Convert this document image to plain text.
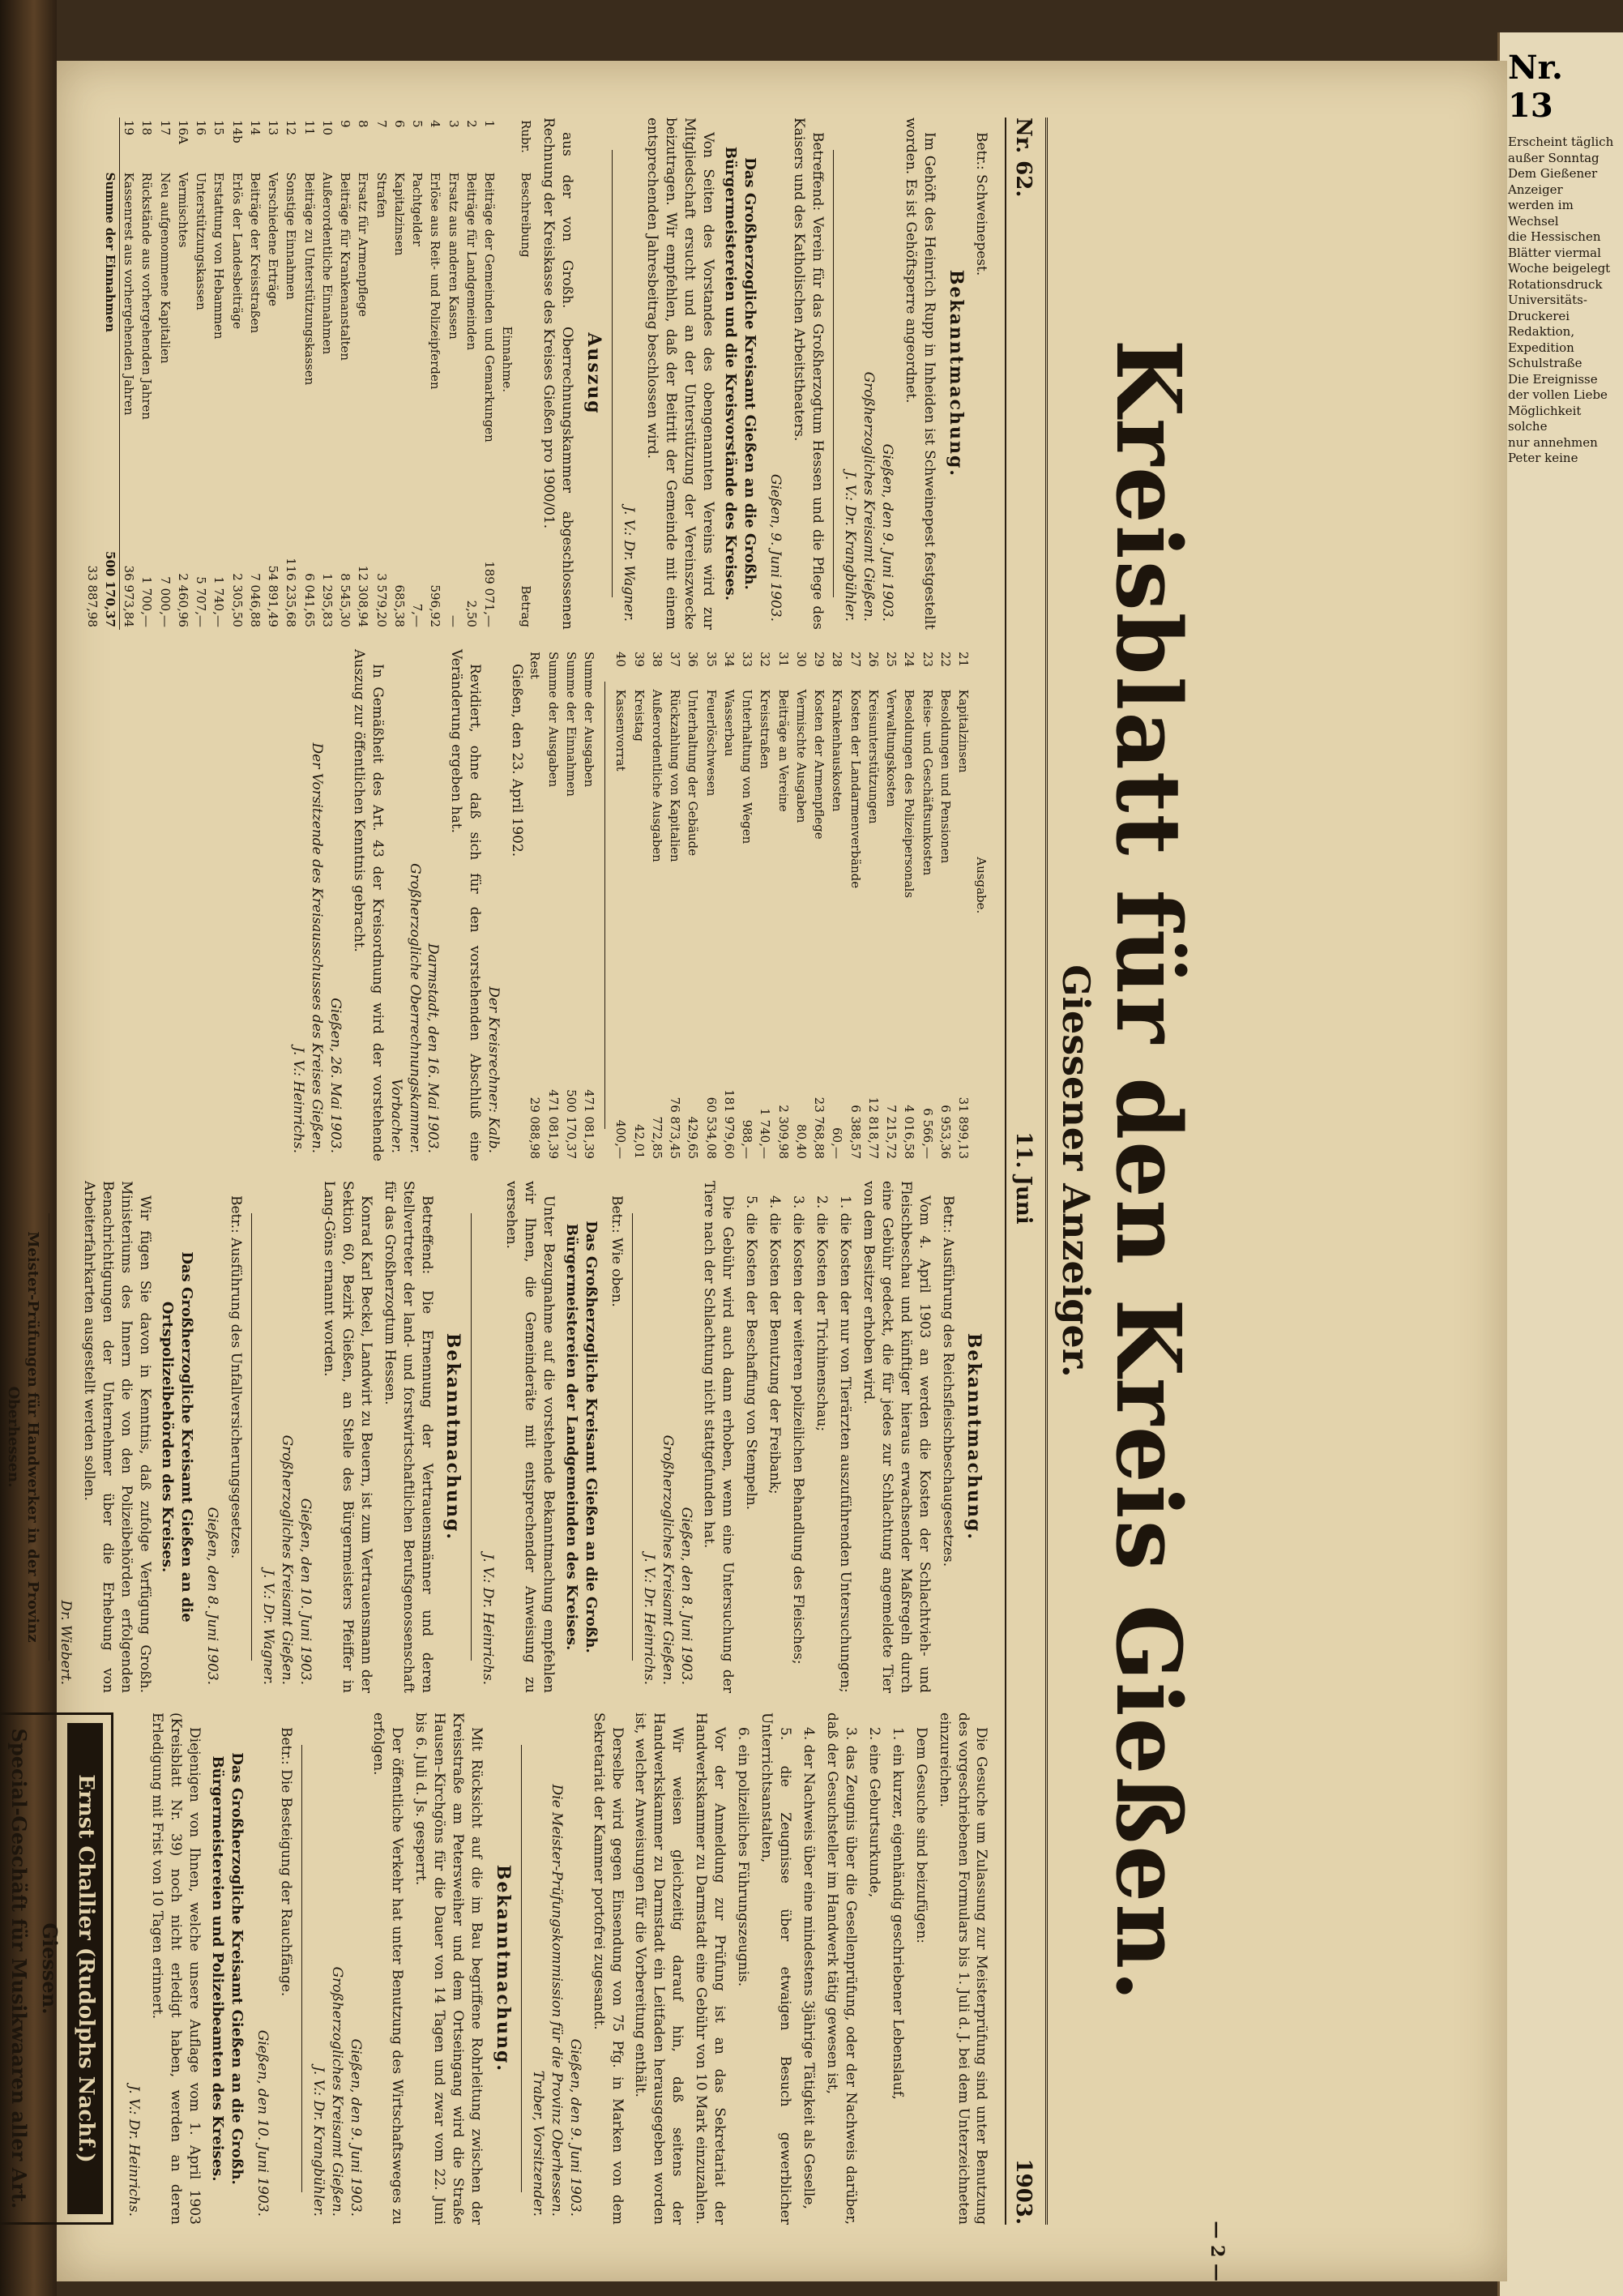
Nr. 13
Erscheint täglich
außer Sonntag
Dem Gießener Anzeiger
werden im Wechsel
die Hessischen
Blätter viermal
Woche beigelegt
Rotationsdruck
Universitäts-Druckerei
Redaktion, Expedition
Schulstraße
Die Ereignisse
der vollen Liebe
Möglichkeit solche
nur annehmen
Peter keine
— 2 —
Kreisblatt für den Kreis Gießen.
Giessener Anzeiger.
Nr. 62.
11. Juni
1903.

Betr.: Schweinepest.

Bekanntmachung.

Im Gehöft des Heinrich Rupp in Inheiden ist Schweinepest festgestellt worden. Es ist Gehöftsperre angeordnet.

Gießen, den 9. Juni 1903.
Großherzogliches Kreisamt Gießen.
J. V.: Dr. Krangbühler.

Betreffend: Verein für das Großherzogtum Hessen und die Pflege des Kaisers und des Katholischen Arbeitstheaters.

Gießen, 9. Juni 1903.
Das Großherzogliche Kreisamt Gießen an die Großh. Bürgermeistereien und die Kreisvorstände des Kreises.

Von Seiten des Vorstandes des obengenannten Vereins wird zur Mitgliedschaft ersucht und an der Unterstützung der Vereinszwecke beizutragen. Wir empfehlen, daß der Beitritt der Gemeinde mit einem entsprechenden Jahresbeitrag beschlossen wird.

J. V.: Dr. Wagner.
Auszug

aus der von Großh. Oberrechnungskammer abgeschlossenen Rechnung der Kreiskasse des Kreises Gießen pro 1900/01.

Rubr.	Beschreibung	Betrag
	Einnahme.	
1	Beiträge der Gemeinden und Gemarkungen	189 071,—
2	Beiträge für Landgemeinden	2,50
3	Ersatz aus anderen Kassen	—
4	Erlöse aus Reit- und Polizeipferden	596,92
5	Pachtgelder	7,—
6	Kapitalzinsen	685,38
7	Strafen	3 579,20
8	Ersatz für Armenpflege	12 308,94
9	Beiträge für Krankenanstalten	8 545,30
10	Außerordentliche Einnahmen	1 295,83
11	Beiträge zu Unterstützungskassen	6 041,65
12	Sonstige Einnahmen	116 235,68
13	Verschiedene Erträge	54 891,49
14	Beiträge der Kreisstraßen	7 046,88
14b	Erlös der Landesbeiträge	2 305,50
15	Erstattung von Hebammen	1 740,—
16	Unterstützungskassen	5 707,—
16A	Vermischtes	2 460,96
17	Neu aufgenommene Kapitalien	7 000,—
18	Rückstände aus vorhergehenden Jahren	1 700,—
19	Kassenrest aus vorhergehenden Jahren	36 973,84
	Summe der Einnahmen	500 170,37
		33 887,98
	Ausgabe.	
21	Kapitalzinsen	31 899,13
22	Besoldungen und Pensionen	6 953,36
23	Reise- und Geschäftsunkosten	6 566,—
24	Besoldungen des Polizeipersonals	4 016,58
25	Verwaltungskosten	7 215,72
26	Kreisunterstützungen	12 818,77
27	Kosten der Landarmenverbände	6 388,57
28	Krankenhauskosten	60,—
29	Kosten der Armenpflege	23 768,88
30	Vermischte Ausgaben	80,40
31	Beiträge an Vereine	2 309,98
32	Kreisstraßen	1 740,—
33	Unterhaltung von Wegen	988,—
34	Wasserbau	181 979,60
35	Feuerlöschwesen	60 534,08
36	Unterhaltung der Gebäude	429,65
37	Rückzahlung von Kapitalien	76 873,45
38	Außerordentliche Ausgaben	772,85
39	Kreistag	42,01
40	Kassenvorrat	400,—
Summe der Ausgaben	471 081,39
Summe der Einnahmen	500 170,37
Summe der Ausgaben	471 081,39
Rest	29 088,98

Gießen, den 23. April 1902.

Der Kreisrechner: Kalb.

Revidiert, ohne daß sich für den vorstehenden Abschluß eine Veränderung ergeben hat.

Darmstadt, den 16. Mai 1903.
Großherzogliche Oberrechnungskammer.
Vorbacher.

In Gemäßheit des Art. 43 der Kreisordnung wird der vorstehende Auszug zur öffentlichen Kenntnis gebracht.

Gießen, 26. Mai 1903.
Der Vorsitzende des Kreisausschusses des Kreises Gießen.
J. V.: Heinrichs.
Bekanntmachung.

Betr.: Ausführung des Reichsfleischbeschaugesetzes.

Vom 4. April 1903 an werden die Kosten der Schlachtvieh- und Fleischbeschau und künftiger hieraus erwachsender Maßregeln durch eine Gebühr gedeckt, die für jedes zur Schlachtung angemeldete Tier von dem Besitzer erhoben wird.

1. die Kosten der nur von Tierärzten auszuführenden Untersuchungen;

2. die Kosten der Trichinenschau;

3. die Kosten der weiteren polizeilichen Behandlung des Fleisches;

4. die Kosten der Benutzung der Freibank;

5. die Kosten der Beschaffung von Stempeln.

Die Gebühr wird auch dann erhoben, wenn eine Untersuchung der Tiere nach der Schlachtung nicht stattgefunden hat.

Gießen, den 8. Juni 1903.
Großherzogliches Kreisamt Gießen.
J. V.: Dr. Heinrichs.

Betr.: Wie oben.

Das Großherzogliche Kreisamt Gießen an die Großh. Bürgermeistereien der Landgemeinden des Kreises.

Unter Bezugnahme auf die vorstehende Bekanntmachung empfehlen wir Ihnen, die Gemeinderäte mit entsprechender Anweisung zu versehen.

J. V.: Dr. Heinrichs.
Bekanntmachung.

Betreffend: Die Ernennung der Vertrauensmänner und deren Stellvertreter der land- und forstwirtschaftlichen Berufsgenossenschaft für das Großherzogtum Hessen.

Konrad Karl Beckel, Landwirt zu Beuern, ist zum Vertrauensmann der Sektion 60, Bezirk Gießen, an Stelle des Bürgermeisters Pfeiffer in Lang-Göns ernannt worden.

Gießen, den 10. Juni 1903.
Großherzogliches Kreisamt Gießen.
J. V.: Dr. Wagner.

Betr.: Ausführung des Unfallversicherungsgesetzes.

Gießen, den 8. Juni 1903.
Das Großherzogliche Kreisamt Gießen an die Ortspolizeibehörden des Kreises.

Wir fügen Sie davon in Kenntnis, daß zufolge Verfügung Großh. Ministeriums des Innern die von den Polizeibehörden erfolgenden Benachrichtigungen der Unternehmer über die Erhebung von Arbeiterfahrkarten ausgestellt werden sollen.

Dr. Wiebert.
Meister-Prüfungen für Handwerker in der Provinz Oberhessen.

Die Gesuche um Zulassung zur Meisterprüfung sind unter Benutzung des vorgeschriebenen Formulars bis 1. Juli d. J. bei dem Unterzeichneten einzureichen.

Dem Gesuche sind beizufügen:

1. ein kurzer, eigenhändig geschriebener Lebenslauf,

2. eine Geburtsurkunde,

3. das Zeugnis über die Gesellenprüfung, oder der Nachweis darüber, daß der Gesuchsteller im Handwerk tätig gewesen ist,

4. der Nachweis über eine mindestens 3jährige Tätigkeit als Geselle,

5. die Zeugnisse über etwaigen Besuch gewerblicher Unterrichtsanstalten,

6. ein polizeiliches Führungszeugnis.

Vor der Anmeldung zur Prüfung ist an das Sekretariat der Handwerkskammer zu Darmstadt eine Gebühr von 10 Mark einzuzahlen.

Wir weisen gleichzeitig darauf hin, daß seitens der Handwerkskammer zu Darmstadt ein Leitfaden herausgegeben worden ist, welcher Anweisungen für die Vorbereitung enthält.

Derselbe wird gegen Einsendung von 75 Pfg. in Marken von dem Sekretariat der Kammer portofrei zugesandt.

Gießen, den 9. Juni 1903.
Die Meister-Prüfungskommission für die Provinz Oberhessen.
Traber, Vorsitzender.
Bekanntmachung.

Mit Rücksicht auf die im Bau begriffene Rohrleitung zwischen der Kreisstraße am Petersweiher und dem Ortseingang wird die Straße Hausen–Kirchgöns für die Dauer von 14 Tagen und zwar vom 22. Juni bis 6. Juli d. Js. gesperrt.

Der öffentliche Verkehr hat unter Benutzung des Wirtschaftsweges zu erfolgen.

Gießen, den 9. Juni 1903.
Großherzogliches Kreisamt Gießen.
J. V.: Dr. Krangbühler.

Betr.: Die Besteigung der Rauchfänge.

Gießen, den 10. Juni 1903.
Das Großherzogliche Kreisamt Gießen an die Großh. Bürgermeistereien und Polizeibeamten des Kreises.

Diejenigen von Ihnen, welche unsere Auflage vom 1. April 1903 (Kreisblatt Nr. 39) noch nicht erledigt haben, werden an deren Erledigung mit Frist von 10 Tagen erinnert.

J. V.: Dr. Heinrichs.
Ernst Challier (Rudolphs Nachf.)
Giessen.
Special-Geschäft für Musikwaaren aller Art.
